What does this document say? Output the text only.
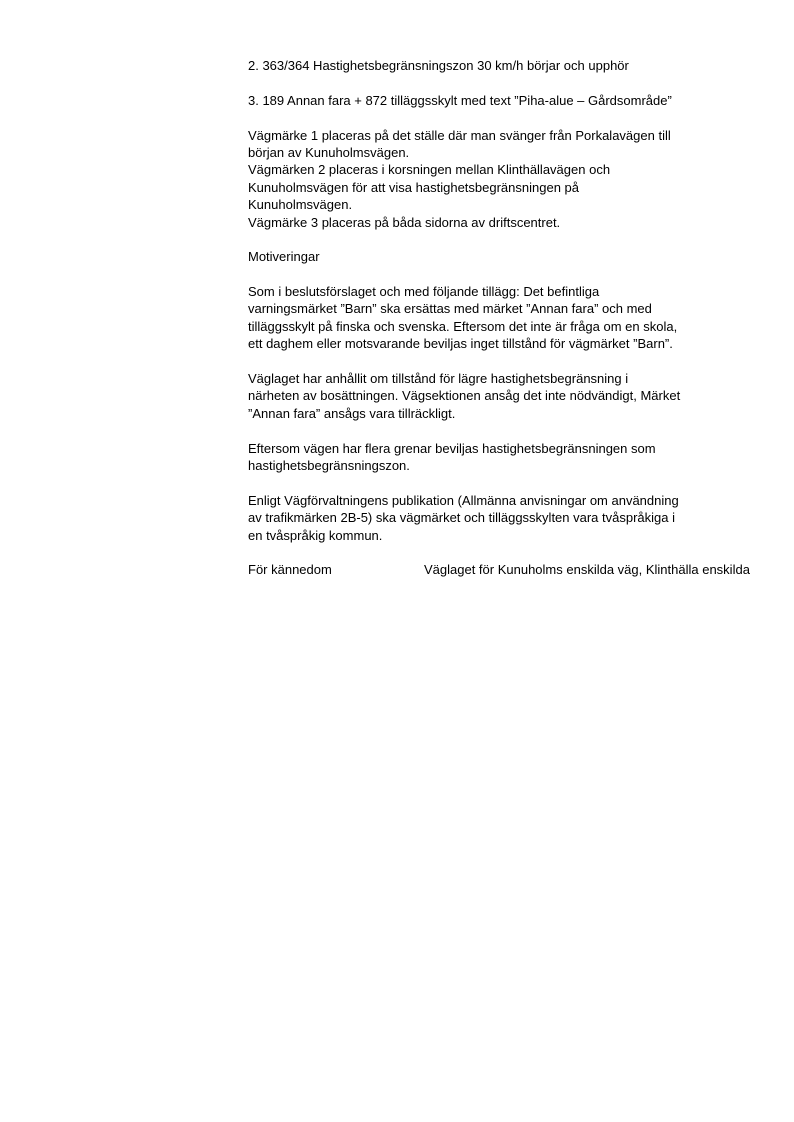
2. 363/364 Hastighetsbegränsningszon 30 km/h börjar och upphör
3. 189 Annan fara + 872 tilläggsskylt med text ”Piha-alue – Gårdsområde”
Vägmärke 1 placeras på det ställe där man svänger från Porkalavägen till
början av Kunuholmsvägen.
Vägmärken 2 placeras i korsningen mellan Klinthällavägen och
Kunuholmsvägen för att visa hastighetsbegränsningen på
Kunuholmsvägen.
Vägmärke 3 placeras på båda sidorna av driftscentret.
Motiveringar
Som i beslutsförslaget och med följande tillägg: Det befintliga
varningsmärket ”Barn” ska ersättas med märket ”Annan fara” och med
tilläggsskylt på finska och svenska. Eftersom det inte är fråga om en skola,
ett daghem eller motsvarande beviljas inget tillstånd för vägmärket ”Barn”.
Väglaget har anhållit om tillstånd för lägre hastighetsbegränsning i
närheten av bosättningen. Vägsektionen ansåg det inte nödvändigt, Märket
”Annan fara” ansågs vara tillräckligt.
Eftersom vägen har flera grenar beviljas hastighetsbegränsningen som
hastighetsbegränsningszon.
Enligt Vägförvaltningens publikation (Allmänna anvisningar om användning
av trafikmärken 2B-5) ska vägmärket och tilläggsskylten vara tvåspråkiga i
en tvåspråkig kommun.
För kännedom	Väglaget för Kunuholms enskilda väg, Klinthälla enskilda
